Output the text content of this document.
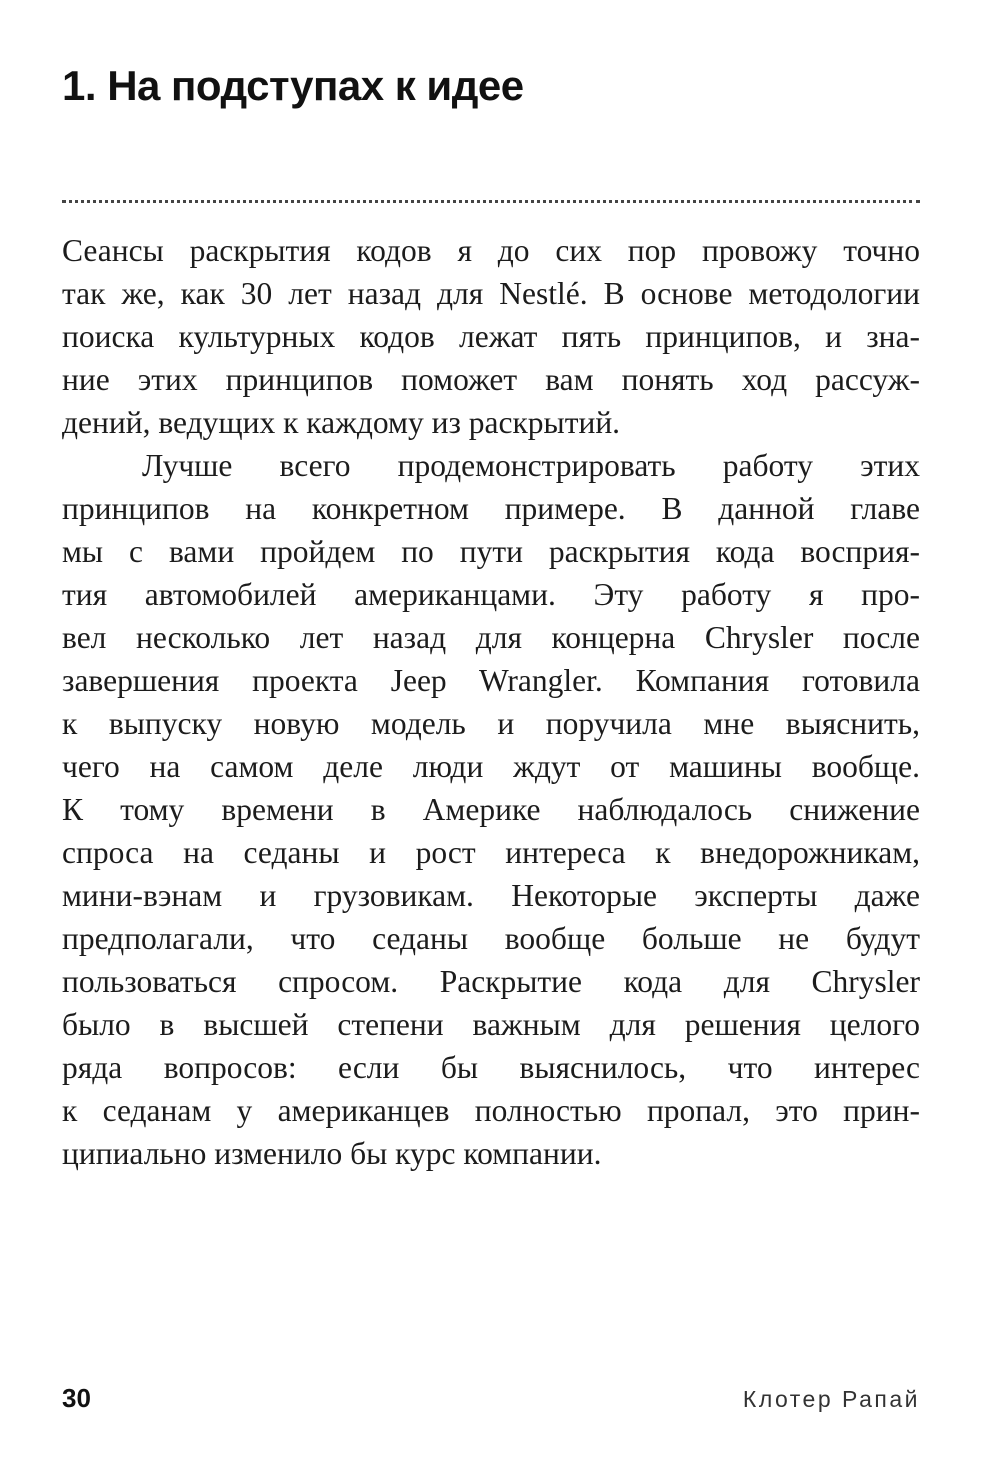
1. На подступах к идее
Сеансы раскрытия кодов я до сих пор провожу точно
так же, как 30 лет назад для Nestlé. В основе методологии
поиска культурных кодов лежат пять принципов, и зна-
ние этих принципов поможет вам понять ход рассуж-
дений, ведущих к каждому из раскрытий.
Лучше всего продемонстрировать работу этих
принципов на конкретном примере. В данной главе
мы с вами пройдем по пути раскрытия кода восприя-
тия автомобилей американцами. Эту работу я про-
вел несколько лет назад для концерна Chrysler после
завершения проекта Jeep Wrangler. Компания готовила
к выпуску новую модель и поручила мне выяснить,
чего на самом деле люди ждут от машины вообще.
К тому времени в Америке наблюдалось снижение
спроса на седаны и рост интереса к внедорожникам,
мини-вэнам и грузовикам. Некоторые эксперты даже
предполагали, что седаны вообще больше не будут
пользоваться спросом. Раскрытие кода для Chrysler
было в высшей степени важным для решения целого
ряда вопросов: если бы выяснилось, что интерес
к седанам у американцев полностью пропал, это прин-
ципиально изменило бы курс компании.
30	Клотер Рапай
